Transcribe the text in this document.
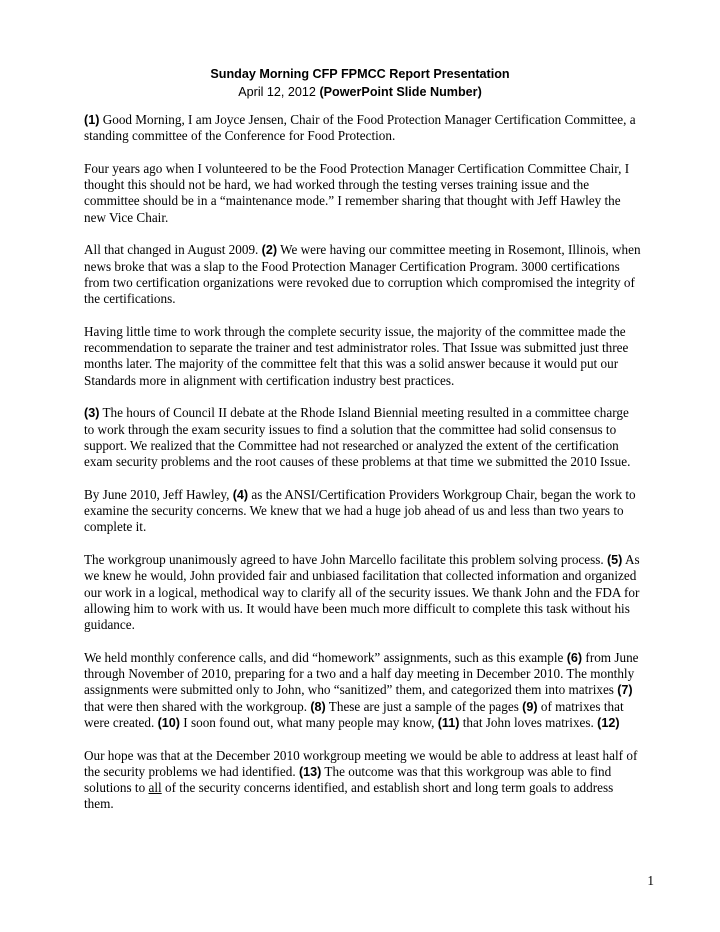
Sunday Morning CFP FPMCC Report Presentation
April 12, 2012 (PowerPoint Slide Number)

(1) Good Morning, I am Joyce Jensen, Chair of the Food Protection Manager Certification Committee, a standing committee of the Conference for Food Protection.

Four years ago when I volunteered to be the Food Protection Manager Certification Committee Chair, I thought this should not be hard, we had worked through the testing verses training issue and the committee should be in a “maintenance mode.” I remember sharing that thought with Jeff Hawley the new Vice Chair.

All that changed in August 2009. (2) We were having our committee meeting in Rosemont, Illinois, when news broke that was a slap to the Food Protection Manager Certification Program. 3000 certifications from two certification organizations were revoked due to corruption which compromised the integrity of the certifications.

Having little time to work through the complete security issue, the majority of the committee made the recommendation to separate the trainer and test administrator roles. That Issue was submitted just three months later. The majority of the committee felt that this was a solid answer because it would put our Standards more in alignment with certification industry best practices.

(3) The hours of Council II debate at the Rhode Island Biennial meeting resulted in a committee charge to work through the exam security issues to find a solution that the committee had solid consensus to support. We realized that the Committee had not researched or analyzed the extent of the certification exam security problems and the root causes of these problems at that time we submitted the 2010 Issue.

By June 2010, Jeff Hawley, (4) as the ANSI/Certification Providers Workgroup Chair, began the work to examine the security concerns. We knew that we had a huge job ahead of us and less than two years to complete it.

The workgroup unanimously agreed to have John Marcello facilitate this problem solving process. (5) As we knew he would, John provided fair and unbiased facilitation that collected information and organized our work in a logical, methodical way to clarify all of the security issues. We thank John and the FDA for allowing him to work with us. It would have been much more difficult to complete this task without his guidance.

We held monthly conference calls, and did “homework” assignments, such as this example (6) from June through November of 2010, preparing for a two and a half day meeting in December 2010. The monthly assignments were submitted only to John, who “sanitized” them, and categorized them into matrixes (7) that were then shared with the workgroup. (8) These are just a sample of the pages (9) of matrixes that were created. (10) I soon found out, what many people may know, (11) that John loves matrixes. (12)

Our hope was that at the December 2010 workgroup meeting we would be able to address at least half of the security problems we had identified. (13) The outcome was that this workgroup was able to find solutions to all of the security concerns identified, and establish short and long term goals to address them.

1
